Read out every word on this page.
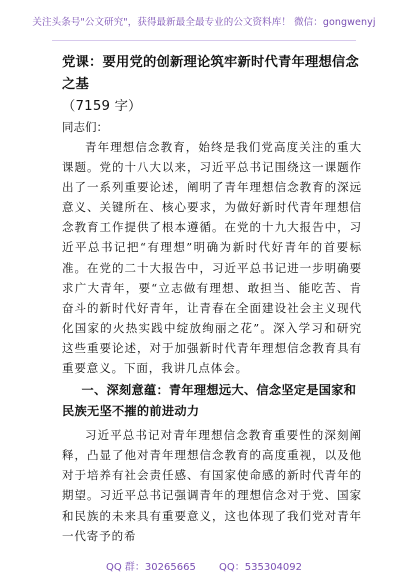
关注头条号"公文研究"，获得最新最全最专业的公文资料库！ 微信：gongwenyj
党课：要用党的创新理论筑牢新时代青年理想信念之基
（7159 字）

同志们：

青年理想信念教育，始终是我们党高度关注的重大课题。党的十八大以来，习近平总书记围绕这一课题作出了一系列重要论述，阐明了青年理想信念教育的深远意义、关键所在、核心要求，为做好新时代青年理想信念教育工作提供了根本遵循。在党的十九大报告中，习近平总书记把“有理想”明确为新时代好青年的首要标准。在党的二十大报告中，习近平总书记进一步明确要求广大青年，要“立志做有理想、敢担当、能吃苦、肯奋斗的新时代好青年，让青春在全面建设社会主义现代化国家的火热实践中绽放绚丽之花”。深入学习和研究这些重要论述，对于加强新时代青年理想信念教育具有重要意义。下面，我讲几点体会。

一、深刻意蕴：青年理想远大、信念坚定是国家和民族无坚不摧的前进动力

习近平总书记对青年理想信念教育重要性的深刻阐释，凸显了他对青年理想信念教育的高度重视，以及他对于培养有社会责任感、有国家使命感的新时代青年的期望。习近平总书记强调青年的理想信念对于党、国家和民族的未来具有重要意义，这也体现了我们党对青年一代寄予的希

QQ 群：30265665 QQ：535304092
